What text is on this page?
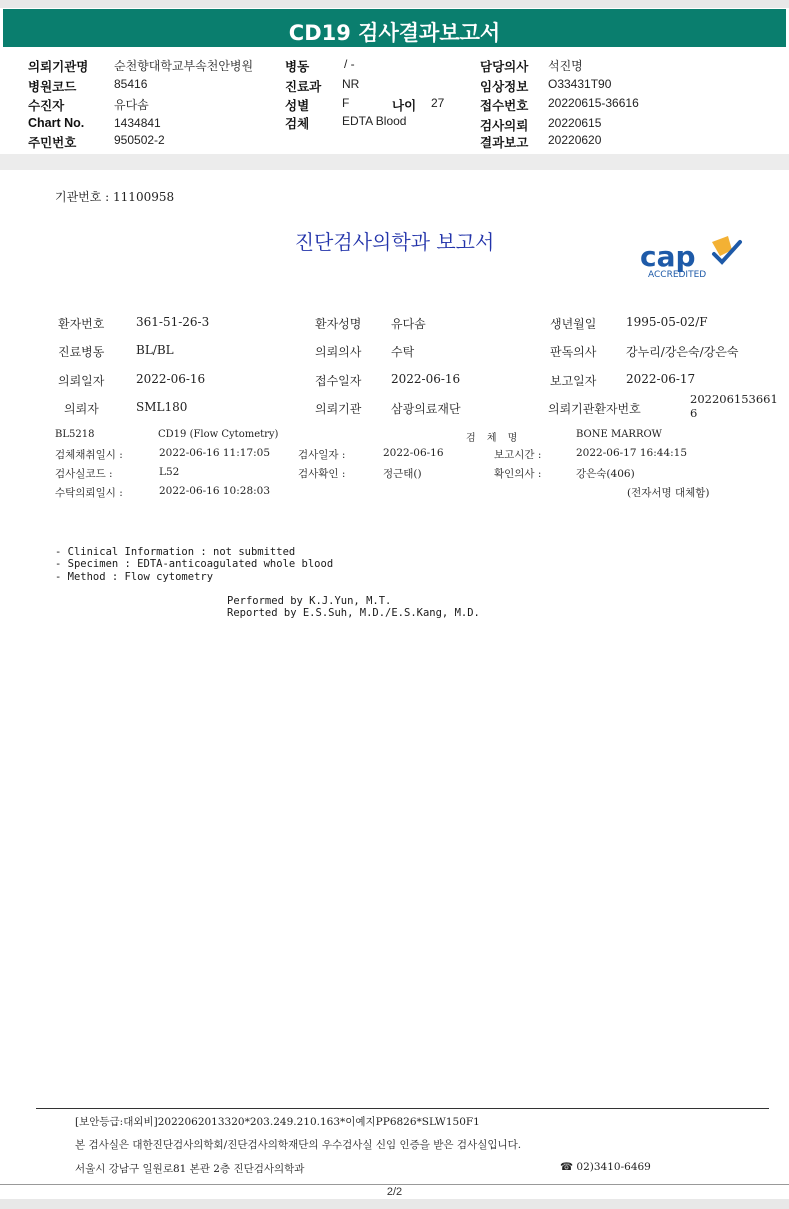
CD19 검사결과보고서
의뢰기관명 순천향대학교부속천안병원
병원코드	85416
수진자	유다솜
Chart No. 1434841
주민번호	950502-2
병동	/ -
진료과 NR
성별	F	나이 27
검체	EDTA Blood
담당의사 석진명
임상정보 O33431T90
접수번호 20220615-36616
검사의뢰 20220615
결과보고 20220620
기관번호 : 11100958
진단검사의학과 보고서	cap
ACCREDITED
환자번호	361-51-26-3	환자성명 유다솜	생년월일 1995-05-02/F
진료병동	BL/BL	의뢰의사 수탁	판독의사 강누리/강은숙/강은숙
의뢰일자	2022-06-16	접수일자 2022-06-16	보고일자 2022-06-17
의뢰자	SML180	의뢰기관 삼광의료재단	의뢰기관환자번호
202206153661
6
BL5218	CD19 (Flow Cytometry)	검 체 명	BONE MARROW
검체채취일시 :	2022-06-16 11:17:05	검사일자 :	2022-06-16	보고시간 :	2022-06-17 16:44:15
검사실코드 :	L52	검사확인 :	정근태()	확인의사 :	강은숙(406)
수탁의뢰일시 :	2022-06-16 10:28:03	(전자서명 대체함)
- Clinical Information : not submitted
- Specimen : EDTA-anticoagulated whole blood
- Method : Flow cytometry
Performed by K.J.Yun, M.T.
Reported by E.S.Suh, M.D./E.S.Kang, M.D.
[보안등급:대외비]2022062013320*203.249.210.163*이예지PP6826*SLW150F1
본 검사실은 대한진단검사의학회/진단검사의학재단의 우수검사실 신임 인증을 받은 검사실입니다.
서울시 강남구 일원로81 본관 2층 진단검사의학과	☎ 02)3410-6469
2/2
